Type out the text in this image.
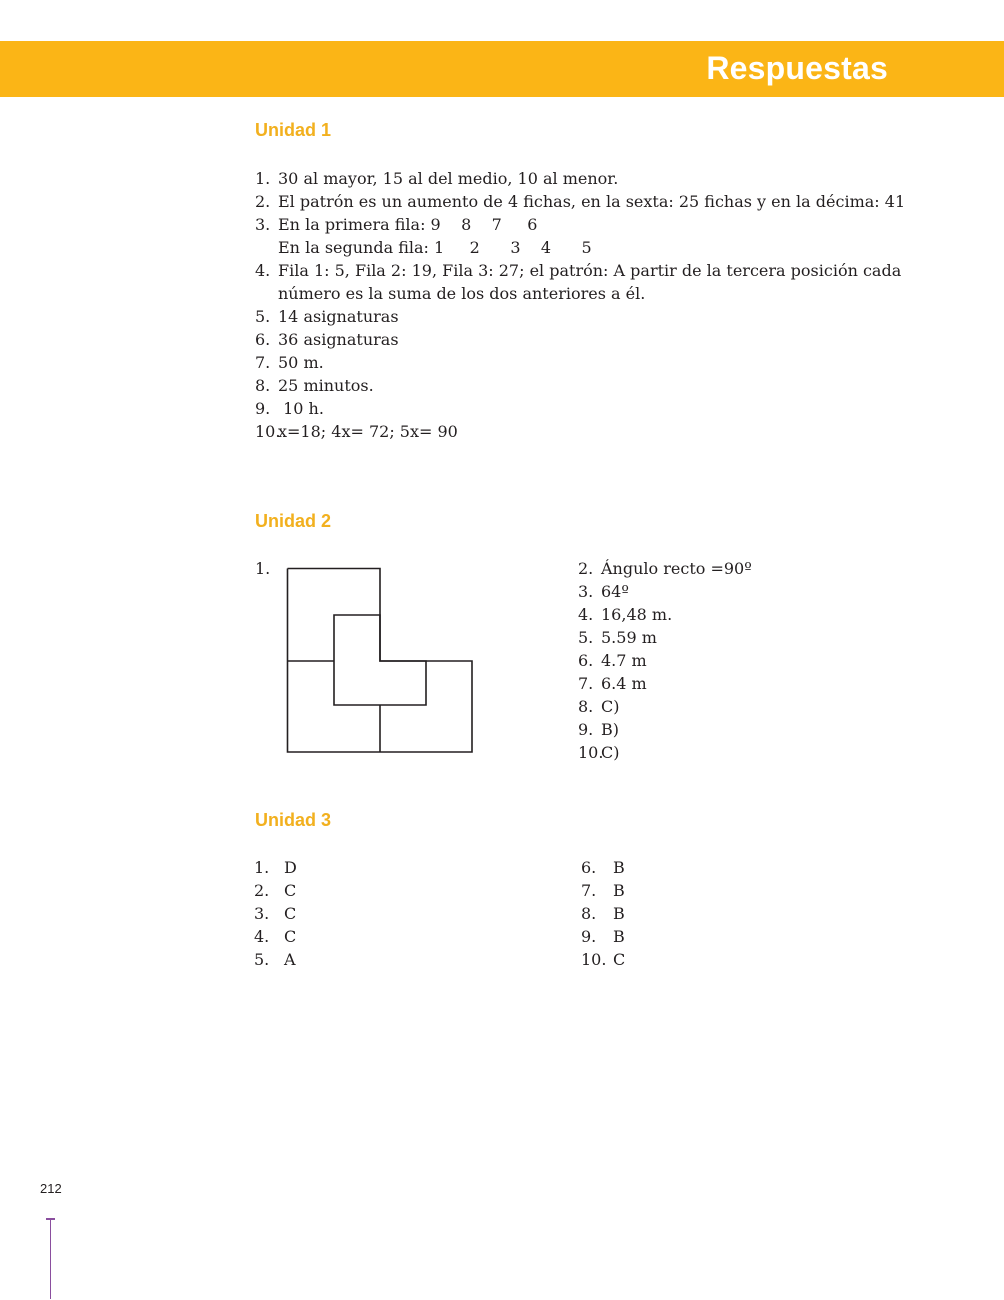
Respuestas
Unidad 1
1. 30 al mayor, 15 al del medio, 10 al menor.
2. El patrón es un aumento de 4 fichas, en la sexta: 25 fichas y en la décima: 41
3. En la primera fila: 9    8    7     6
En la segunda fila: 1     2      3    4      5
4. Fila 1: 5, Fila 2: 19, Fila 3: 27; el patrón: A partir de la tercera posición cada
número es la suma de los dos anteriores a él.
5. 14 asignaturas
6. 36 asignaturas
7. 50 m.
8. 25 minutos.
9. 10 h.
10.
x=18; 4x= 72; 5x= 90
Unidad 2
1.	2. Ángulo recto =90º
3. 64º
4. 16,48 m.
5. 5.59 m
6. 4.7 m
7. 6.4 m
8. C)
9. B)
10.
C)
Unidad 3
1. D
2. C
3. C
4. C
5. A
6. B
7. B
8. B
9. B
10. C
212
